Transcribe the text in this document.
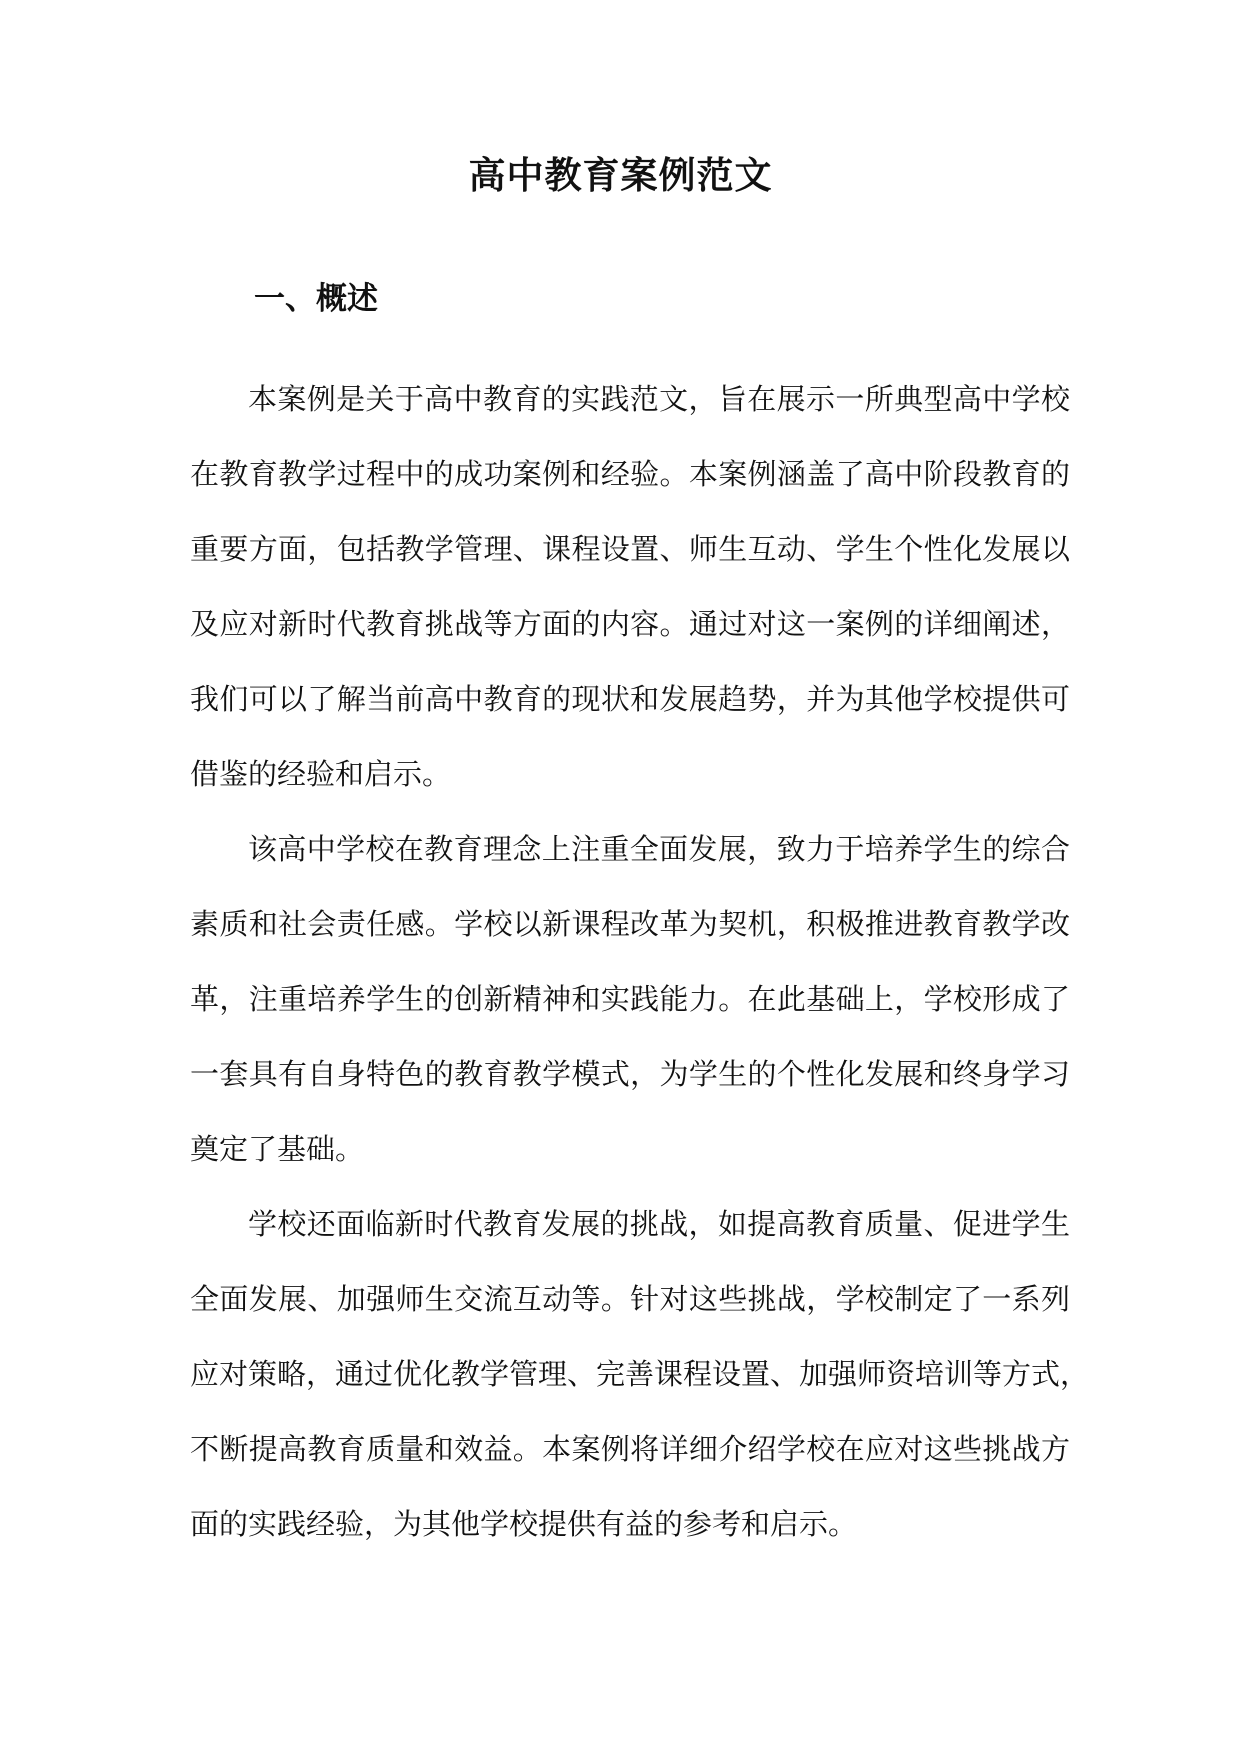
高中教育案例范文
一、概述
本案例是关于高中教育的实践范文，旨在展示一所典型高中学校
在教育教学过程中的成功案例和经验。本案例涵盖了高中阶段教育的
重要方面，包括教学管理、课程设置、师生互动、学生个性化发展以
及应对新时代教育挑战等方面的内容。通过对这一案例的详细阐述，
我们可以了解当前高中教育的现状和发展趋势，并为其他学校提供可
借鉴的经验和启示。
该高中学校在教育理念上注重全面发展，致力于培养学生的综合
素质和社会责任感。学校以新课程改革为契机，积极推进教育教学改
革，注重培养学生的创新精神和实践能力。在此基础上，学校形成了
一套具有自身特色的教育教学模式，为学生的个性化发展和终身学习
奠定了基础。
学校还面临新时代教育发展的挑战，如提高教育质量、促进学生
全面发展、加强师生交流互动等。针对这些挑战，学校制定了一系列
应对策略，通过优化教学管理、完善课程设置、加强师资培训等方式，
不断提高教育质量和效益。本案例将详细介绍学校在应对这些挑战方
面的实践经验，为其他学校提供有益的参考和启示。
